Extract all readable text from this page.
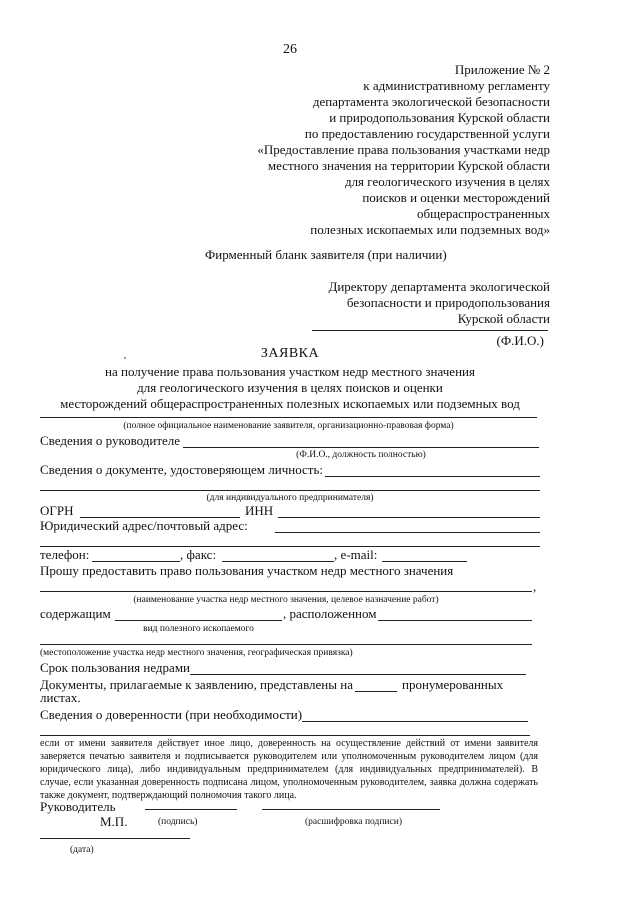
26
Приложение № 2
к административному регламенту
департамента экологической безопасности
и природопользования Курской области
по предоставлению государственной услуги
«Предоставление права пользования участками недр
местного значения на территории Курской области
для геологического изучения в целях
поисков и оценки месторождений
общераспространенных
полезных ископаемых или подземных вод»
Фирменный бланк заявителя (при наличии)
Директору департамента экологической
безопасности и природопользования
Курской области
(Ф.И.О.)
ЗАЯВКА
на получение права пользования участком недр местного значения
для геологического изучения в целях поисков и оценки
месторождений общераспространенных полезных ископаемых или подземных вод
(полное официальное наименование заявителя, организационно-правовая форма)
Сведения о руководителе
(Ф.И.О., должность полностью)
Сведения о документе, удостоверяющем личность:
(для индивидуального предпринимателя)
ОГРН	ИНН
Юридический адрес/почтовый адрес:
телефон:	, факс:	, e-mail:
Прошу предоставить право пользования участком недр местного значения
,
(наименование участка недр местного значения, целевое назначение работ)
содержащим	, расположенном
вид полезного ископаемого
(местоположение участка недр местного значения, географическая привязка)
Срок пользования недрами
Документы, прилагаемые к заявлению, представлены на	пронумерованных
листах.
Сведения о доверенности (при необходимости)
если от имени заявителя действует иное лицо, доверенность на осуществление действий от имени заявителя заверяется печатью заявителя и подписывается руководителем или уполномоченным руководителем лицом (для юридического лица), либо индивидуальным предпринимателем (для индивидуальных предпринимателей). В случае, если указанная доверенность подписана лицом, уполномоченным руководителем, заявка должна содержать также документ, подтверждающий полномочия такого лица.
Руководитель
М.П.	(подпись)	(расшифровка подписи)
(дата)
